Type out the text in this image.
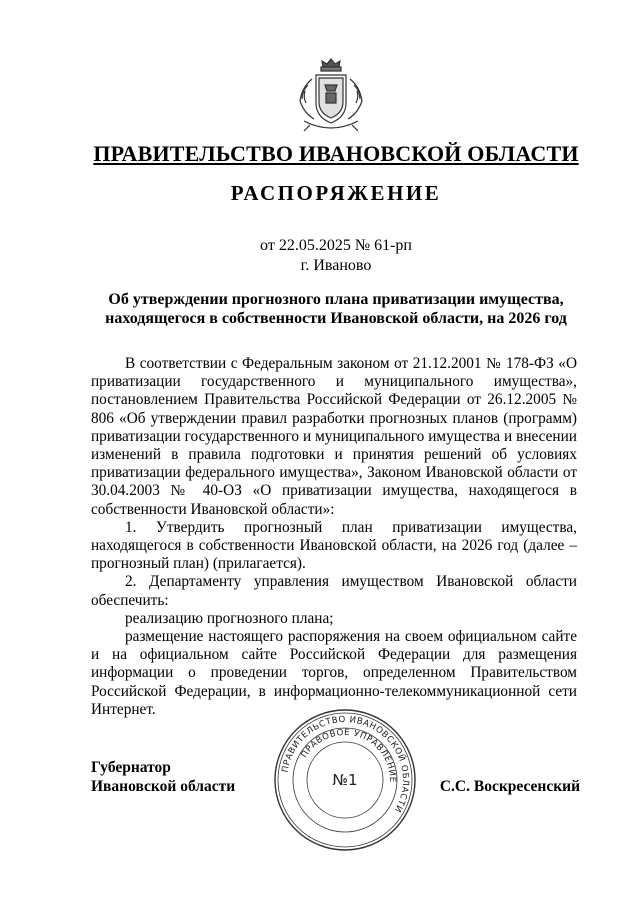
ПРАВИТЕЛЬСТВО ИВАНОВСКОЙ ОБЛАСТИ
РАСПОРЯЖЕНИЕ
от 22.05.2025 № 61-рп
г. Иваново
Об утверждении прогнозного плана приватизации имущества, находящегося в собственности Ивановской области, на 2026 год

В соответствии с Федеральным законом от 21.12.2001 № 178-ФЗ «О приватизации государственного и муниципального имущества», постановлением Правительства Российской Федерации от 26.12.2005 № 806 «Об утверждении правил разработки прогнозных планов (программ) приватизации государственного и муниципального имущества и внесении изменений в правила подготовки и принятия решений об условиях приватизации федерального имущества», Законом Ивановской области от 30.04.2003 № 40-ОЗ «О приватизации имущества, находящегося в собственности Ивановской области»:

1. Утвердить прогнозный план приватизации имущества, находящегося в собственности Ивановской области, на 2026 год (далее – прогнозный план) (прилагается).

2. Департаменту управления имуществом Ивановской области обеспечить:

реализацию прогнозного плана;

размещение настоящего распоряжения на своем официальном сайте и на официальном сайте Российской Федерации для размещения информации о проведении торгов, определенном Правительством Российской Федерации, в информационно-телекоммуникационной сети Интернет.

ПРАВИТЕЛЬСТВО ИВАНОВСКОЙ ОБЛАСТИ
ПРАВОВОЕ УПРАВЛЕНИЕ
№1
Губернатор
Ивановской области	С.С. Воскресенский
